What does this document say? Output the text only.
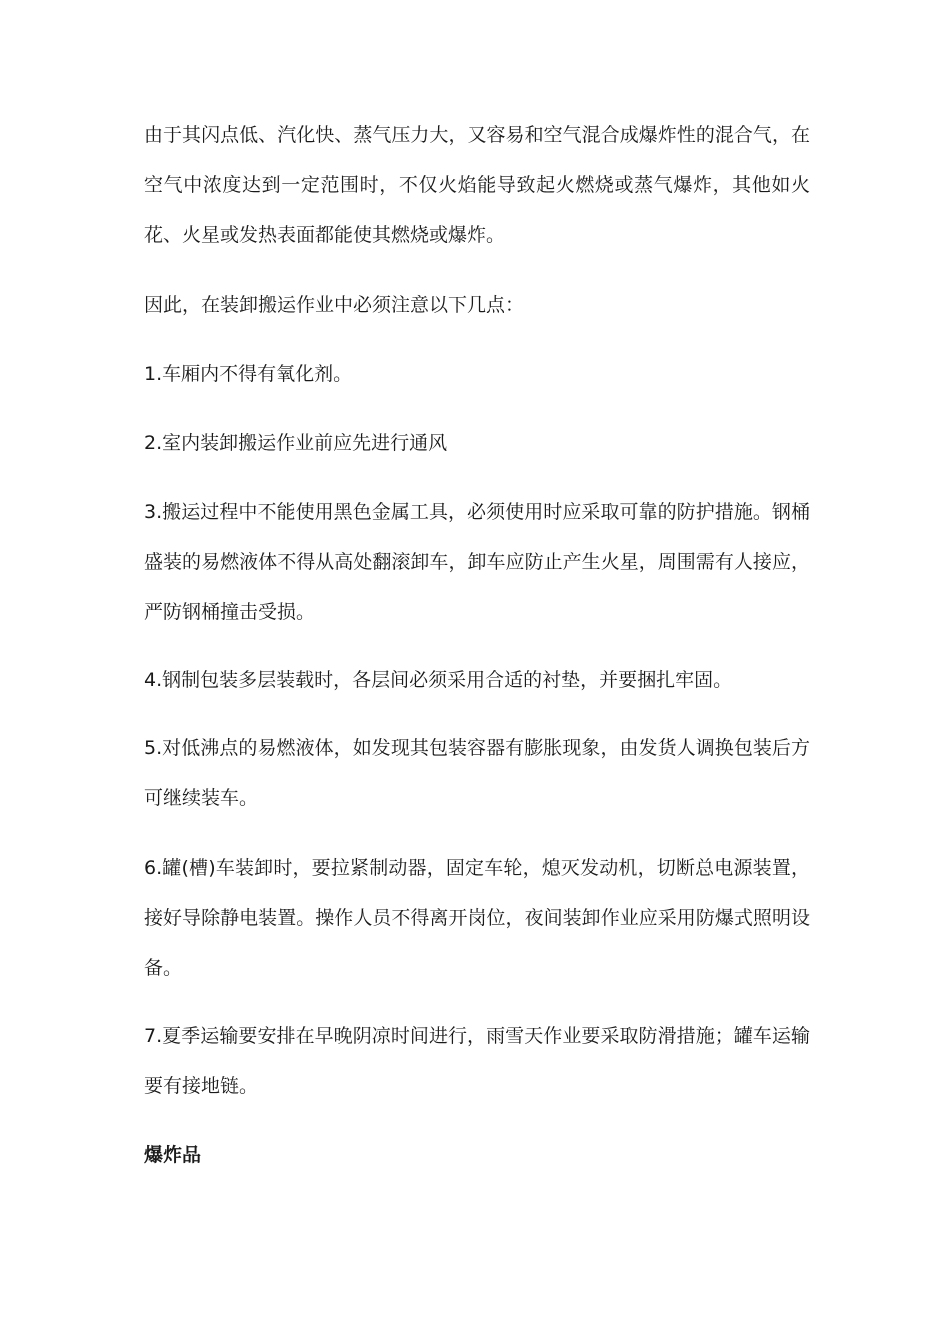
由于其闪点低、汽化快、蒸气压力大，又容易和空气混合成爆炸性的混合气，在空气中浓度达到一定范围时，不仅火焰能导致起火燃烧或蒸气爆炸，其他如火花、火星或发热表面都能使其燃烧或爆炸。

因此，在装卸搬运作业中必须注意以下几点：

1.车厢内不得有氧化剂。

2.室内装卸搬运作业前应先进行通风

3.搬运过程中不能使用黑色金属工具，必须使用时应采取可靠的防护措施。钢桶盛装的易燃液体不得从高处翻滚卸车，卸车应防止产生火星，周围需有人接应，严防钢桶撞击受损。

4.钢制包装多层装载时，各层间必须采用合适的衬垫，并要捆扎牢固。

5.对低沸点的易燃液体，如发现其包装容器有膨胀现象，由发货人调换包装后方可继续装车。

6.罐(槽)车装卸时，要拉紧制动器，固定车轮，熄灭发动机，切断总电源装置，接好导除静电装置。操作人员不得离开岗位，夜间装卸作业应采用防爆式照明设备。

7.夏季运输要安排在早晚阴凉时间进行，雨雪天作业要采取防滑措施；罐车运输要有接地链。

爆炸品
